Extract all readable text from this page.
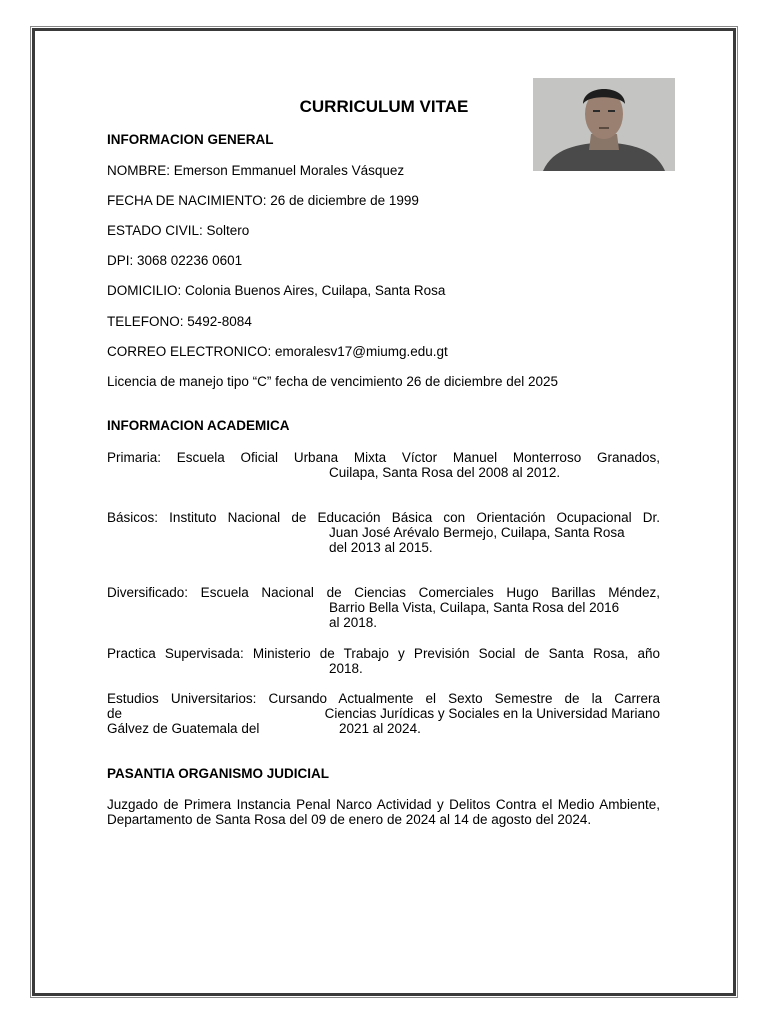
CURRICULUM VITAE
INFORMACION GENERAL
NOMBRE: Emerson Emmanuel Morales Vásquez
FECHA DE NACIMIENTO: 26 de diciembre de 1999
ESTADO CIVIL: Soltero
DPI: 3068 02236 0601
DOMICILIO: Colonia Buenos Aires, Cuilapa, Santa Rosa
TELEFONO: 5492-8084
CORREO ELECTRONICO: emoralesv17@miumg.edu.gt
Licencia de manejo tipo “C” fecha de vencimiento 26 de diciembre del 2025
INFORMACION ACADEMICA
Primaria: Escuela Oficial Urbana Mixta Víctor Manuel Monterroso Granados,
Cuilapa, Santa Rosa del 2008 al 2012.
Básicos: Instituto Nacional de Educación Básica con Orientación Ocupacional Dr.
Juan José Arévalo Bermejo, Cuilapa, Santa Rosa
del 2013 al 2015.
Diversificado: Escuela Nacional de Ciencias Comerciales Hugo Barillas Méndez,
Barrio Bella Vista, Cuilapa, Santa Rosa del 2016
al 2018.
Practica Supervisada: Ministerio de Trabajo y Previsión Social de Santa Rosa, año
2018.
Estudios Universitarios: Cursando Actualmente el Sexto Semestre de la Carrera
de	Ciencias Jurídicas y Sociales en la Universidad Mariano
Gálvez de Guatemala del	2021 al 2024.
PASANTIA ORGANISMO JUDICIAL
Juzgado de Primera Instancia Penal Narco Actividad y Delitos Contra el Medio Ambiente, Departamento de Santa Rosa del 09 de enero de 2024 al 14 de agosto del 2024.
